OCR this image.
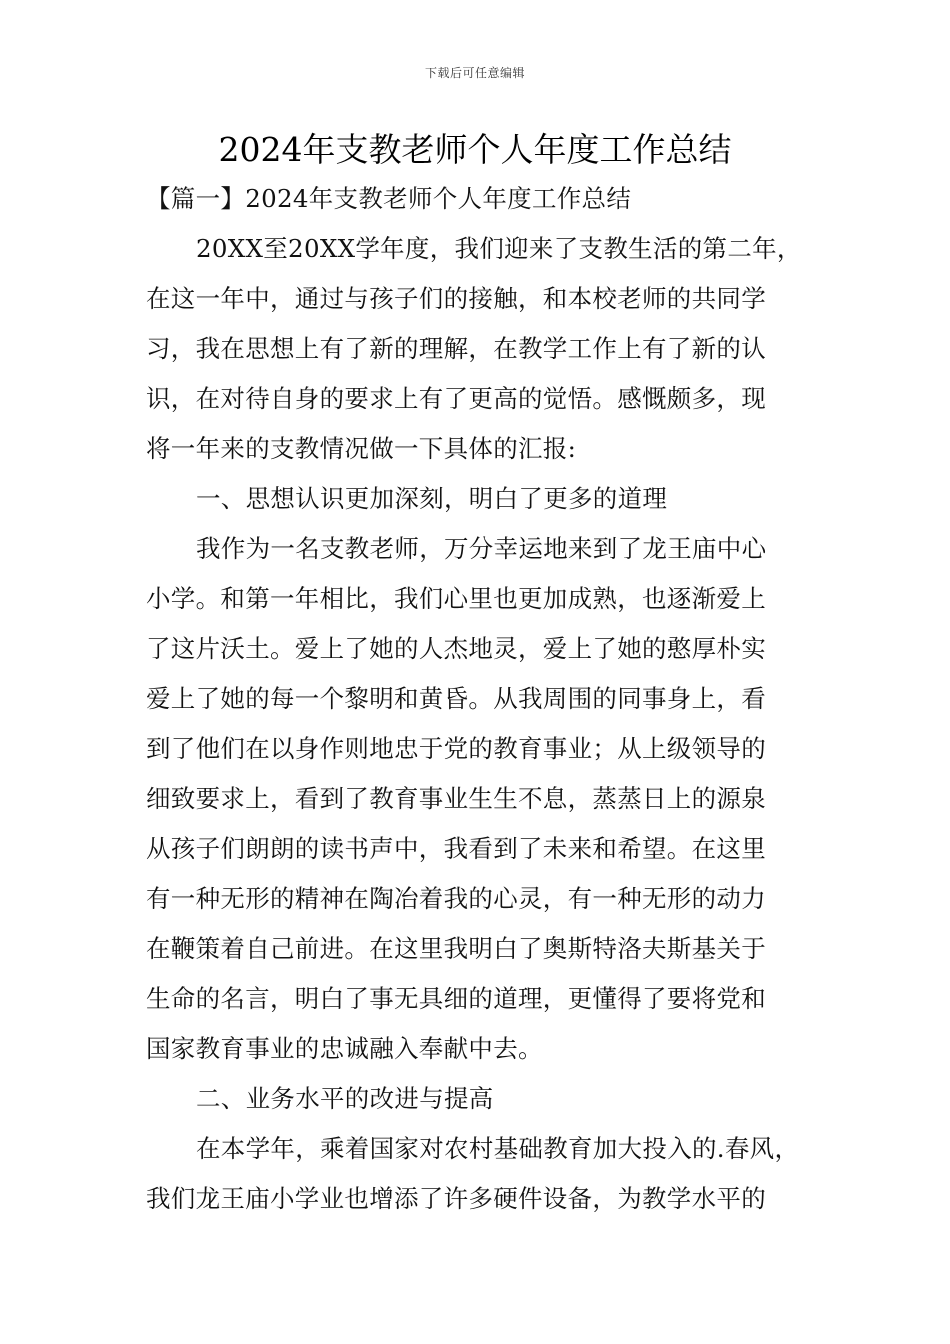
下载后可任意编辑
2024年支教老师个人年度工作总结
【篇一】2024年支教老师个人年度工作总结
20XX至20XX学年度，我们迎来了支教生活的第二年，
在这一年中，通过与孩子们的接触，和本校老师的共同学
习，我在思想上有了新的理解，在教学工作上有了新的认
识，在对待自身的要求上有了更高的觉悟。感慨颇多，现
将一年来的支教情况做一下具体的汇报:
一、思想认识更加深刻，明白了更多的道理
我作为一名支教老师，万分幸运地来到了龙王庙中心
小学。和第一年相比，我们心里也更加成熟，也逐渐爱上
了这片沃土。爱上了她的人杰地灵，爱上了她的憨厚朴实
爱上了她的每一个黎明和黄昏。从我周围的同事身上，看
到了他们在以身作则地忠于党的教育事业；从上级领导的
细致要求上，看到了教育事业生生不息，蒸蒸日上的源泉
从孩子们朗朗的读书声中，我看到了未来和希望。在这里
有一种无形的精神在陶冶着我的心灵，有一种无形的动力
在鞭策着自己前进。在这里我明白了奥斯特洛夫斯基关于
生命的名言，明白了事无具细的道理，更懂得了要将党和
国家教育事业的忠诚融入奉献中去。
二、业务水平的改进与提高
在本学年，乘着国家对农村基础教育加大投入的.春风，
我们龙王庙小学业也增添了许多硬件设备，为教学水平的
